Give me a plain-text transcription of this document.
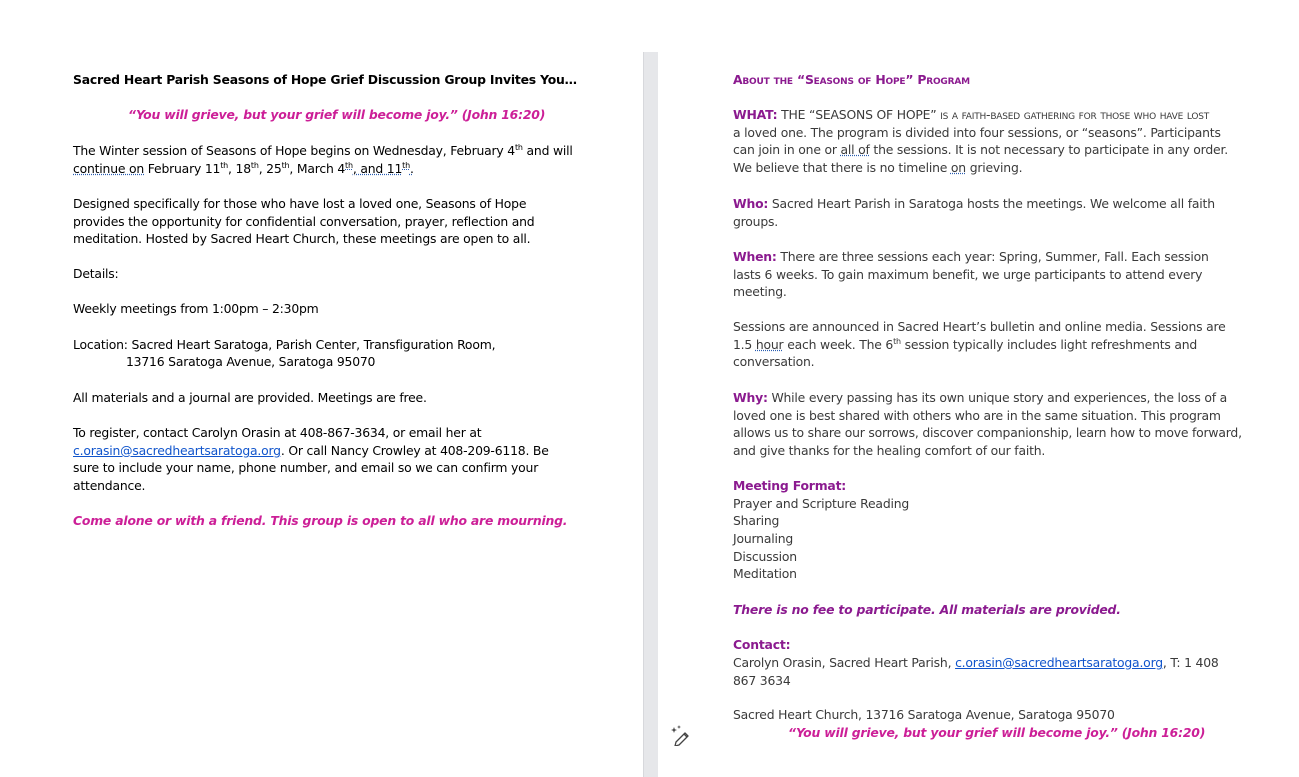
Sacred Heart Parish Seasons of Hope Grief Discussion Group Invites You…
“You will grieve, but your grief will become joy.” (John 16:20)
The Winter session of Seasons of Hope begins on Wednesday, February 4th and will
continue on February 11th, 18th, 25th, March 4th, and 11th.
Designed specifically for those who have lost a loved one, Seasons of Hope
provides the opportunity for confidential conversation, prayer, reflection and
meditation. Hosted by Sacred Heart Church, these meetings are open to all.
Details:
Weekly meetings from 1:00pm – 2:30pm
Location: Sacred Heart Saratoga, Parish Center, Transfiguration Room,
13716 Saratoga Avenue, Saratoga 95070
All materials and a journal are provided. Meetings are free.
To register, contact Carolyn Orasin at 408-867-3634, or email her at
c.orasin@sacredheartsaratoga.org. Or call Nancy Crowley at 408-209-6118. Be
sure to include your name, phone number, and email so we can confirm your
attendance.
Come alone or with a friend. This group is open to all who are mourning.
About the “Seasons of Hope” Program
WHAT: THE “SEASONS OF HOPE” is a faith-based gathering for those who have lost
a loved one. The program is divided into four sessions, or “seasons”. Participants
can join in one or all of the sessions. It is not necessary to participate in any order.
We believe that there is no timeline on grieving.
Who: Sacred Heart Parish in Saratoga hosts the meetings. We welcome all faith
groups.
When: There are three sessions each year: Spring, Summer, Fall. Each session
lasts 6 weeks. To gain maximum benefit, we urge participants to attend every
meeting.
Sessions are announced in Sacred Heart’s bulletin and online media. Sessions are
1.5 hour each week. The 6th session typically includes light refreshments and
conversation.
Why: While every passing has its own unique story and experiences, the loss of a
loved one is best shared with others who are in the same situation. This program
allows us to share our sorrows, discover companionship, learn how to move forward,
and give thanks for the healing comfort of our faith.
Meeting Format:
Prayer and Scripture Reading
Sharing
Journaling
Discussion
Meditation
There is no fee to participate. All materials are provided.
Contact:
Carolyn Orasin, Sacred Heart Parish, c.orasin@sacredheartsaratoga.org, T: 1 408
867 3634
Sacred Heart Church, 13716 Saratoga Avenue, Saratoga 95070
“You will grieve, but your grief will become joy.” (John 16:20)
